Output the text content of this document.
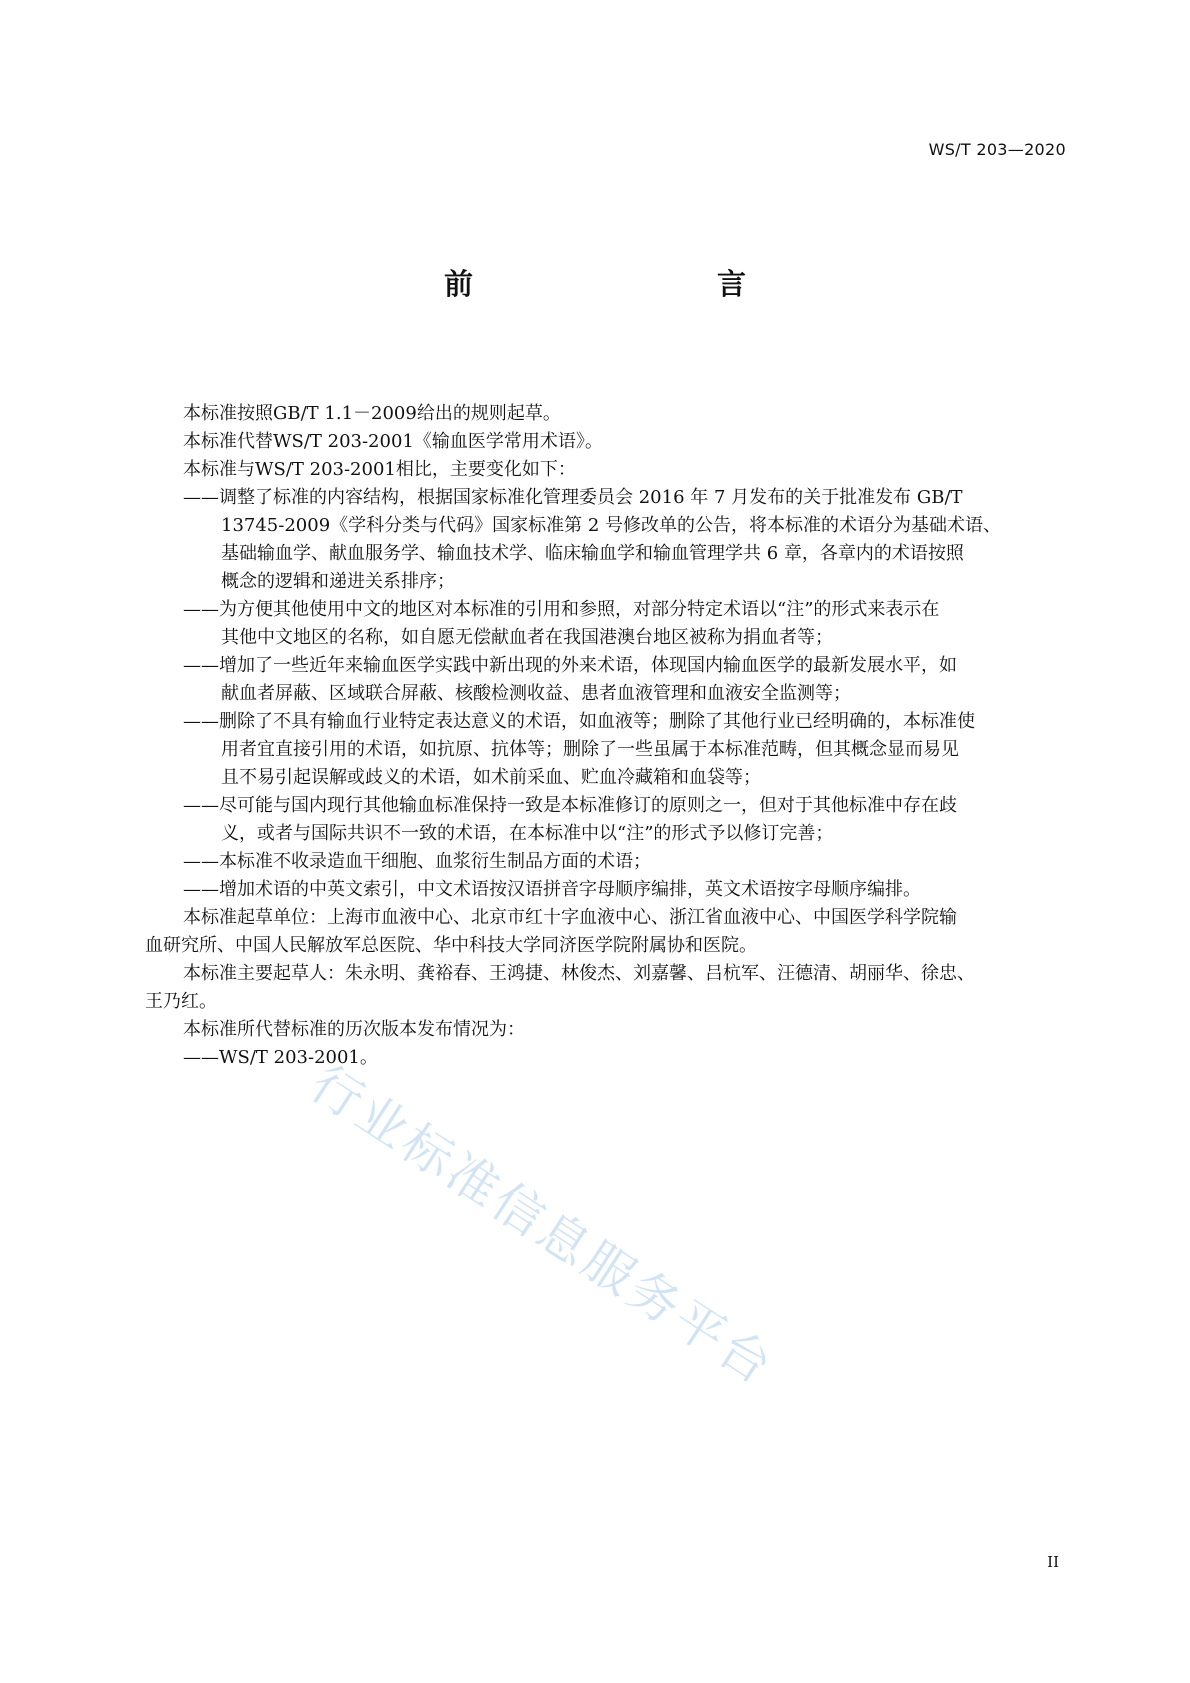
WS/T 203—2020
前　　言
本标准按照GB/T 1.1－2009给出的规则起草。
本标准代替WS/T 203-2001《输血医学常用术语》。
本标准与WS/T 203-2001相比，主要变化如下：
——调整了标准的内容结构，根据国家标准化管理委员会 2016 年 7 月发布的关于批准发布 GB/T
13745-2009《学科分类与代码》国家标准第 2 号修改单的公告，将本标准的术语分为基础术语、
基础输血学、献血服务学、输血技术学、临床输血学和输血管理学共 6 章，各章内的术语按照
概念的逻辑和递进关系排序；
——为方便其他使用中文的地区对本标准的引用和参照，对部分特定术语以“注”的形式来表示在
其他中文地区的名称，如自愿无偿献血者在我国港澳台地区被称为捐血者等；
——增加了一些近年来输血医学实践中新出现的外来术语，体现国内输血医学的最新发展水平，如
献血者屏蔽、区域联合屏蔽、核酸检测收益、患者血液管理和血液安全监测等；
——删除了不具有输血行业特定表达意义的术语，如血液等；删除了其他行业已经明确的，本标准使
用者宜直接引用的术语，如抗原、抗体等；删除了一些虽属于本标准范畴，但其概念显而易见
且不易引起误解或歧义的术语，如术前采血、贮血冷藏箱和血袋等；
——尽可能与国内现行其他输血标准保持一致是本标准修订的原则之一，但对于其他标准中存在歧
义，或者与国际共识不一致的术语，在本标准中以“注”的形式予以修订完善；
——本标准不收录造血干细胞、血浆衍生制品方面的术语；
——增加术语的中英文索引，中文术语按汉语拼音字母顺序编排，英文术语按字母顺序编排。
本标准起草单位：上海市血液中心、北京市红十字血液中心、浙江省血液中心、中国医学科学院输
血研究所、中国人民解放军总医院、华中科技大学同济医学院附属协和医院。
本标准主要起草人：朱永明、龚裕春、王鸿捷、林俊杰、刘嘉馨、吕杭军、汪德清、胡丽华、徐忠、
王乃红。
本标准所代替标准的历次版本发布情况为：
——WS/T 203-2001。
行业标准信息服务平台
II
